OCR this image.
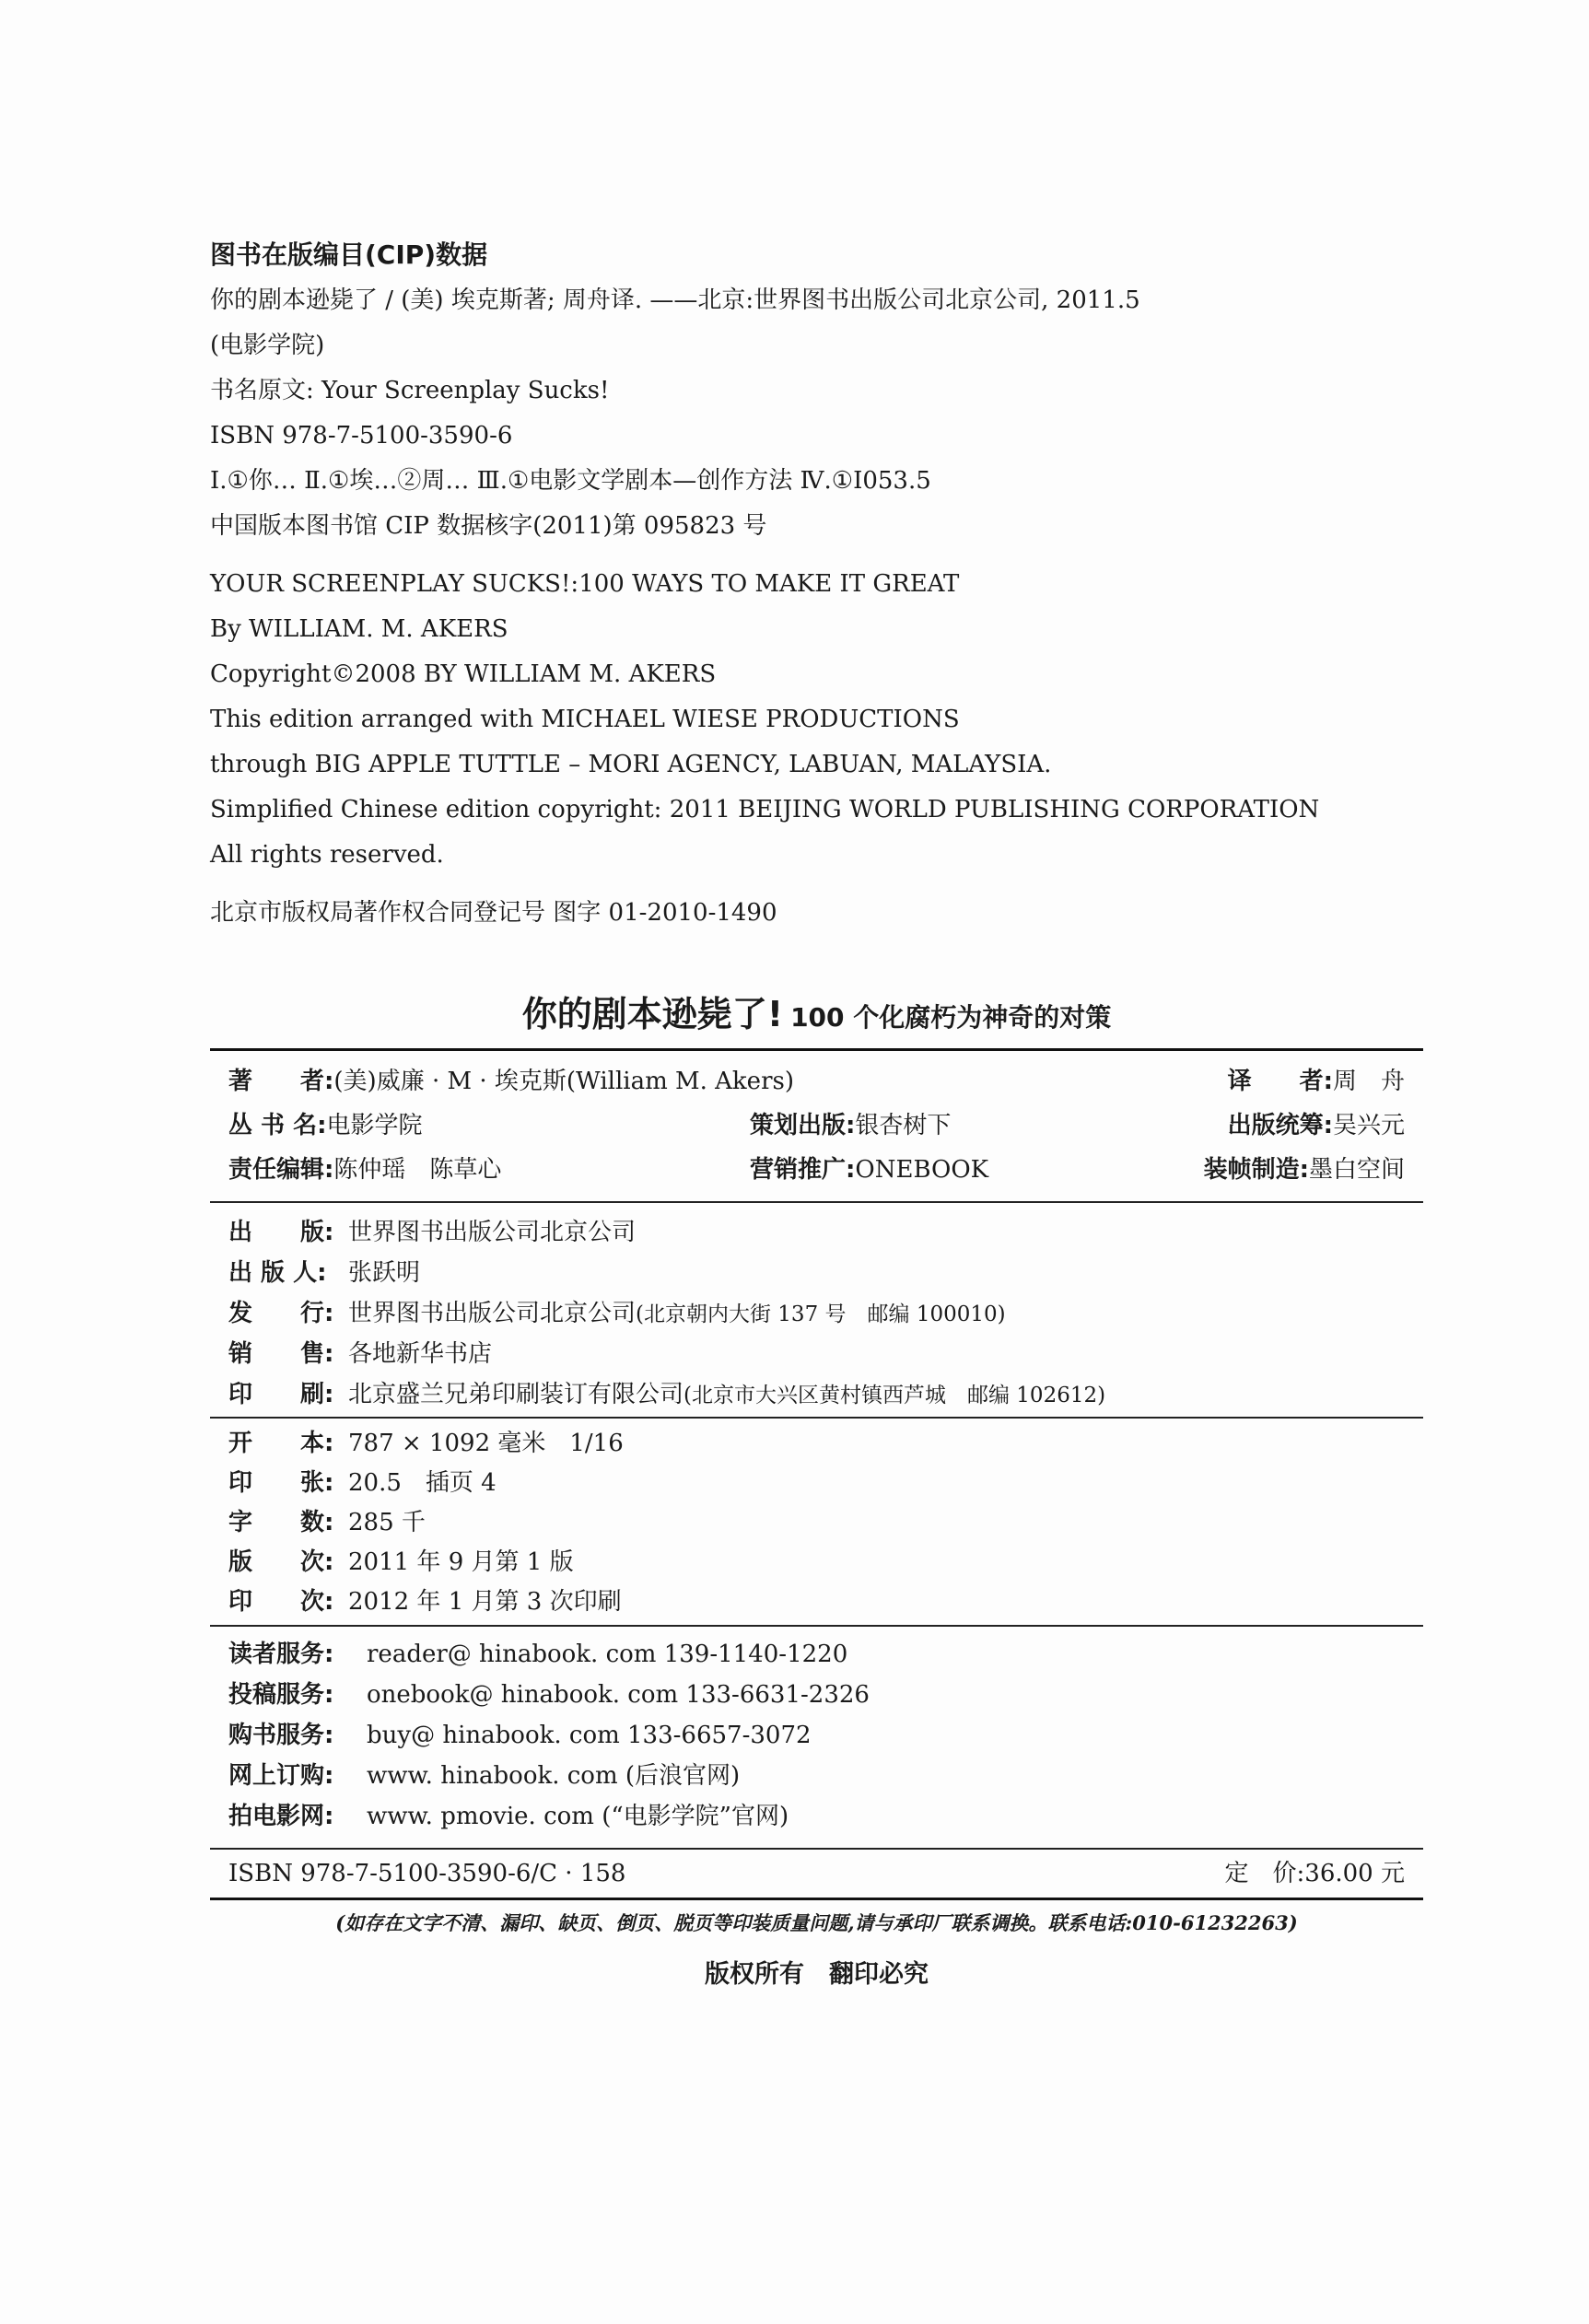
图书在版编目(CIP)数据
你的剧本逊毙了 / (美) 埃克斯著; 周舟译. ——北京:世界图书出版公司北京公司, 2011.5
(电影学院)
书名原文: Your Screenplay Sucks!
ISBN 978-7-5100-3590-6
Ⅰ.①你… Ⅱ.①埃…②周… Ⅲ.①电影文学剧本—创作方法 Ⅳ.①I053.5
中国版本图书馆 CIP 数据核字(2011)第 095823 号
YOUR SCREENPLAY SUCKS!:100 WAYS TO MAKE IT GREAT
By WILLIAM. M. AKERS
Copyright©2008 BY WILLIAM M. AKERS
This edition arranged with MICHAEL WIESE PRODUCTIONS
through BIG APPLE TUTTLE – MORI AGENCY, LABUAN, MALAYSIA.
Simplified Chinese edition copyright: 2011 BEIJING WORLD PUBLISHING CORPORATION
All rights reserved.
北京市版权局著作权合同登记号 图字 01-2010-1490
你的剧本逊毙了! 100 个化腐朽为神奇的对策
著　　者:(美)威廉 · M · 埃克斯(William M. Akers)	译　　者:周　舟
丛 书 名:电影学院	策划出版:银杏树下	出版统筹:吴兴元
责任编辑:陈仲瑶　陈草心	营销推广:ONEBOOK	装帧制造:墨白空间
出　　版: 世界图书出版公司北京公司
出 版 人: 张跃明
发　　行: 世界图书出版公司北京公司(北京朝内大街 137 号　邮编 100010)
销　　售: 各地新华书店
印　　刷: 北京盛兰兄弟印刷装订有限公司(北京市大兴区黄村镇西芦城　邮编 102612)
开　　本: 787 × 1092 毫米　1/16
印　　张: 20.5　插页 4
字　　数: 285 千
版　　次: 2011 年 9 月第 1 版
印　　次: 2012 年 1 月第 3 次印刷
读者服务: reader@ hinabook. com 139-1140-1220
投稿服务: onebook@ hinabook. com 133-6631-2326
购书服务: buy@ hinabook. com 133-6657-3072
网上订购: www. hinabook. com (后浪官网)
拍电影网: www. pmovie. com (“电影学院”官网)
ISBN 978-7-5100-3590-6/C · 158	定　价:36.00 元
(如存在文字不清、漏印、缺页、倒页、脱页等印装质量问题,请与承印厂联系调换。联系电话:010-61232263)
版权所有　翻印必究
